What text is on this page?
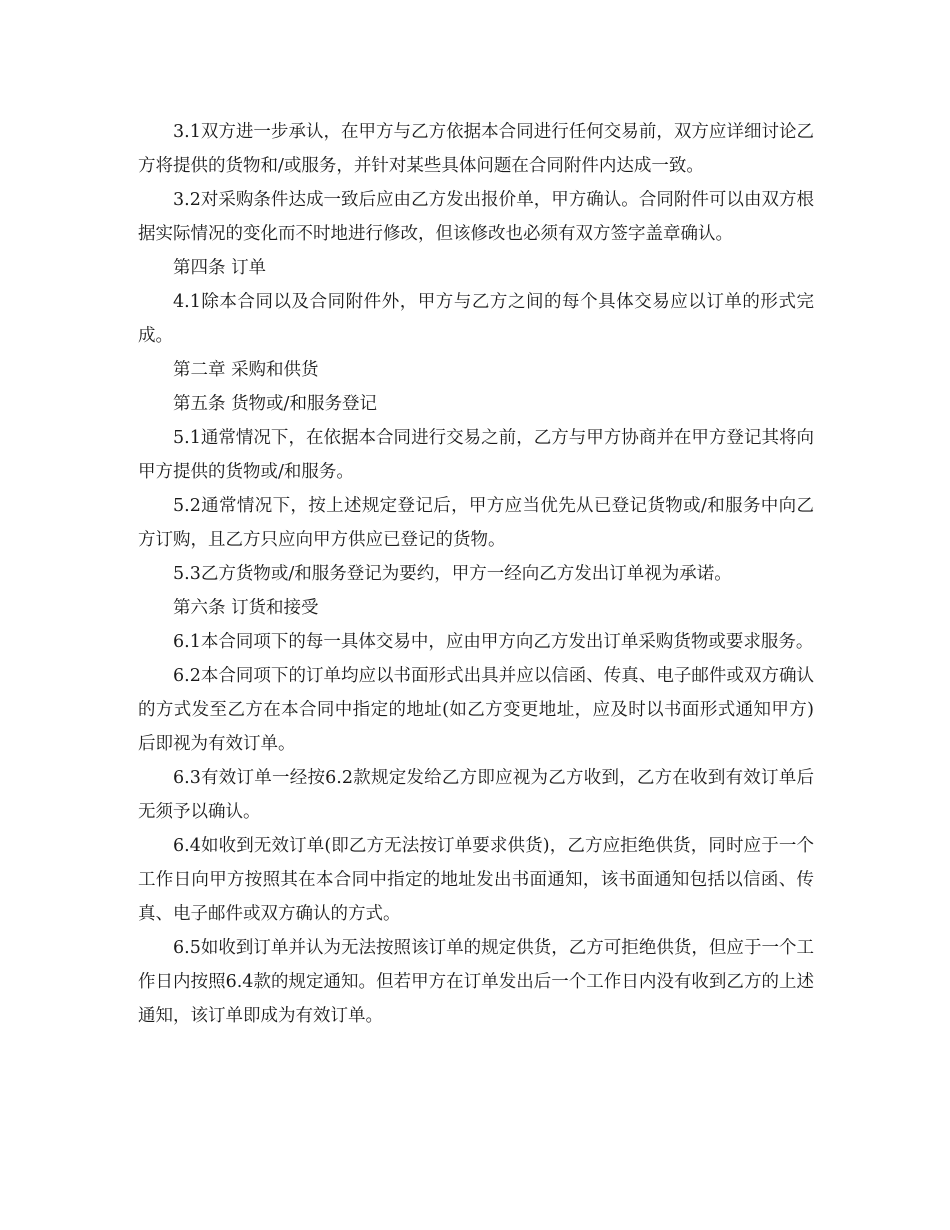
3.1双方进一步承认，在甲方与乙方依据本合同进行任何交易前，双方应详细讨论乙方将提供的货物和/或服务，并针对某些具体问题在合同附件内达成一致。

3.2对采购条件达成一致后应由乙方发出报价单，甲方确认。合同附件可以由双方根据实际情况的变化而不时地进行修改，但该修改也必须有双方签字盖章确认。

第四条 订单

4.1除本合同以及合同附件外，甲方与乙方之间的每个具体交易应以订单的形式完成。

第二章 采购和供货

第五条 货物或/和服务登记

5.1通常情况下，在依据本合同进行交易之前，乙方与甲方协商并在甲方登记其将向甲方提供的货物或/和服务。

5.2通常情况下，按上述规定登记后，甲方应当优先从已登记货物或/和服务中向乙方订购，且乙方只应向甲方供应已登记的货物。

5.3乙方货物或/和服务登记为要约，甲方一经向乙方发出订单视为承诺。

第六条 订货和接受

6.1本合同项下的每一具体交易中，应由甲方向乙方发出订单采购货物或要求服务。

6.2本合同项下的订单均应以书面形式出具并应以信函、传真、电子邮件或双方确认的方式发至乙方在本合同中指定的地址(如乙方变更地址，应及时以书面形式通知甲方)后即视为有效订单。

6.3有效订单一经按6.2款规定发给乙方即应视为乙方收到，乙方在收到有效订单后无须予以确认。

6.4如收到无效订单(即乙方无法按订单要求供货)，乙方应拒绝供货，同时应于一个工作日向甲方按照其在本合同中指定的地址发出书面通知，该书面通知包括以信函、传真、电子邮件或双方确认的方式。

6.5如收到订单并认为无法按照该订单的规定供货，乙方可拒绝供货，但应于一个工作日内按照6.4款的规定通知。但若甲方在订单发出后一个工作日内没有收到乙方的上述通知，该订单即成为有效订单。
